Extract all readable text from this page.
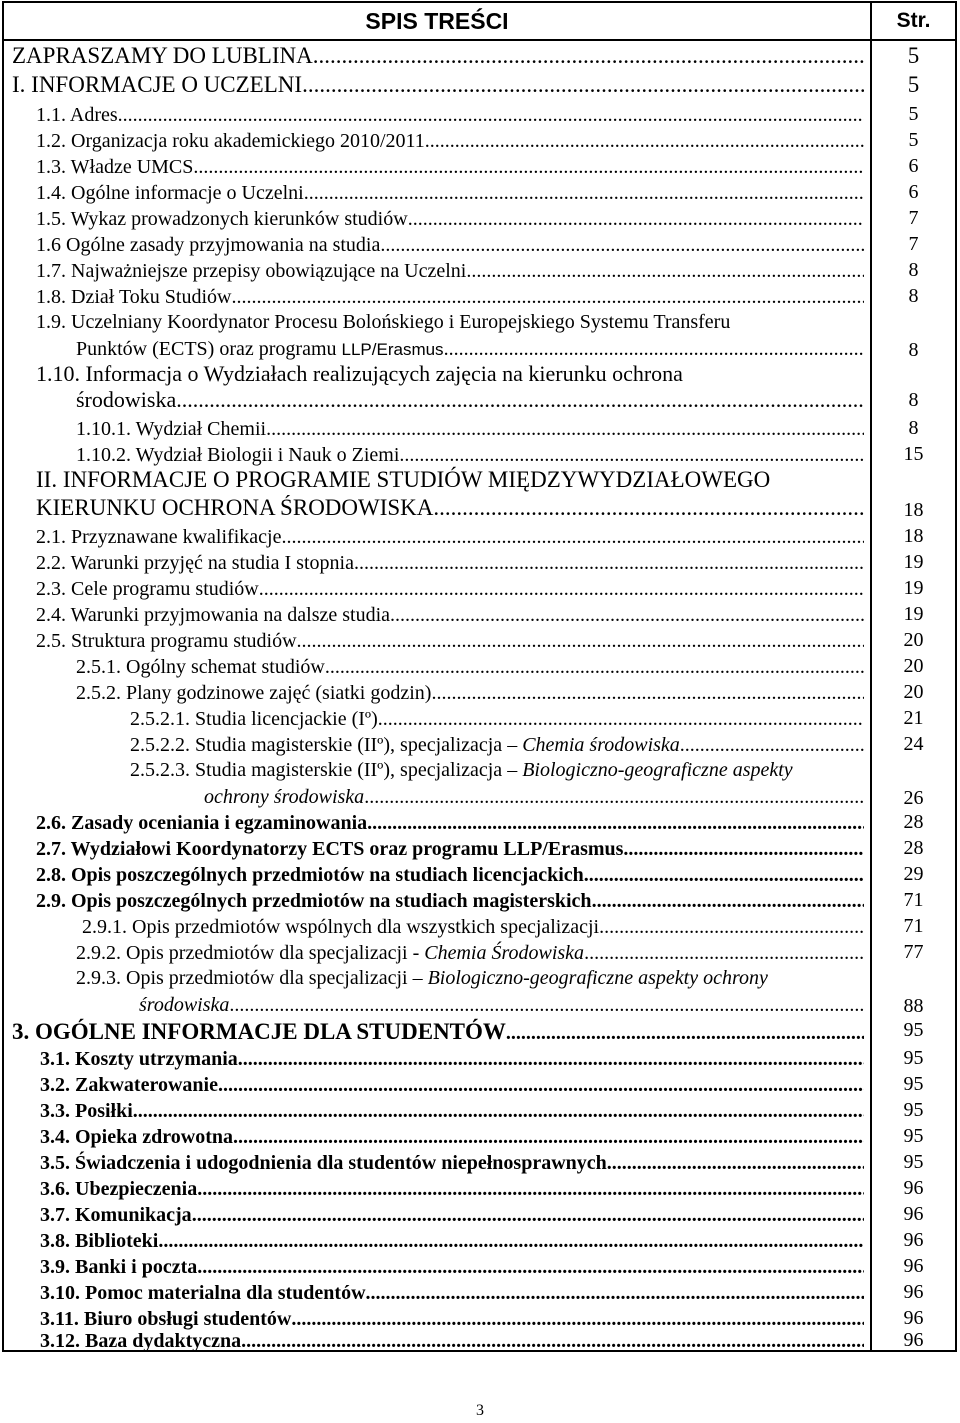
SPIS TREŚCI	Str.
ZAPRASZAMY DO LUBLINA .....	5
I. INFORMACJE O UCZELNI .....	5
1.1. Adres .....	5
1.2. Organizacja roku akademickiego 2010/2011 .....	5
1.3. Władze UMCS .....	6
1.4. Ogólne informacje o Uczelni .....	6
1.5. Wykaz prowadzonych kierunków studiów .....	7
1.6 Ogólne zasady przyjmowania na studia .....	7
1.7. Najważniejsze przepisy obowiązujące na Uczelni .....	8
1.8. Dział Toku Studiów .....	8
1.9. Uczelniany Koordynator Procesu Bolońskiego i Europejskiego Systemu Transferu
Punktów (ECTS) oraz programu LLP/Erasmus .....	8
1.10. Informacja o Wydziałach realizujących zajęcia na kierunku ochrona
środowiska .....	8
1.10.1. Wydział Chemii .....	8
1.10.2. Wydział Biologii i Nauk o Ziemi .....	15
II. INFORMACJE O PROGRAMIE STUDIÓW MIĘDZYWYDZIAŁOWEGO
KIERUNKU OCHRONA ŚRODOWISKA .....	18
2.1. Przyznawane kwalifikacje .....	18
2.2. Warunki przyjęć na studia I stopnia .....	19
2.3. Cele programu studiów .....	19
2.4. Warunki przyjmowania na dalsze studia .....	19
2.5. Struktura programu studiów .....	20
2.5.1. Ogólny schemat studiów .....	20
2.5.2. Plany godzinowe zajęć (siatki godzin) .....	20
2.5.2.1. Studia licencjackie (Iº) .....	21
2.5.2.2. Studia magisterskie (IIº), specjalizacja – Chemia środowiska .....	24
2.5.2.3. Studia magisterskie (IIº), specjalizacja – Biologiczno-geograficzne aspekty
ochrony środowiska .....	26
2.6. Zasady oceniania i egzaminowania .....	28
2.7. Wydziałowi Koordynatorzy ECTS oraz programu LLP/Erasmus .....	28
2.8. Opis poszczególnych przedmiotów na studiach licencjackich .....	29
2.9. Opis poszczególnych przedmiotów na studiach magisterskich .....	71
2.9.1. Opis przedmiotów wspólnych dla wszystkich specjalizacji .....	71
2.9.2. Opis przedmiotów dla specjalizacji - Chemia Środowiska .....	77
2.9.3. Opis przedmiotów dla specjalizacji – Biologiczno-geograficzne aspekty ochrony
środowiska .....	88
3. OGÓLNE INFORMACJE DLA STUDENTÓW .....	95
3.1. Koszty utrzymania .....	95
3.2. Zakwaterowanie .....	95
3.3. Posiłki .....	95
3.4. Opieka zdrowotna .....	95
3.5. Świadczenia i udogodnienia dla studentów niepełnosprawnych .....	95
3.6. Ubezpieczenia .....	96
3.7. Komunikacja .....	96
3.8. Biblioteki .....	96
3.9. Banki i poczta .....	96
3.10. Pomoc materialna dla studentów .....	96
3.11. Biuro obsługi studentów .....	96
3.12. Baza dydaktyczna .....	96
3
